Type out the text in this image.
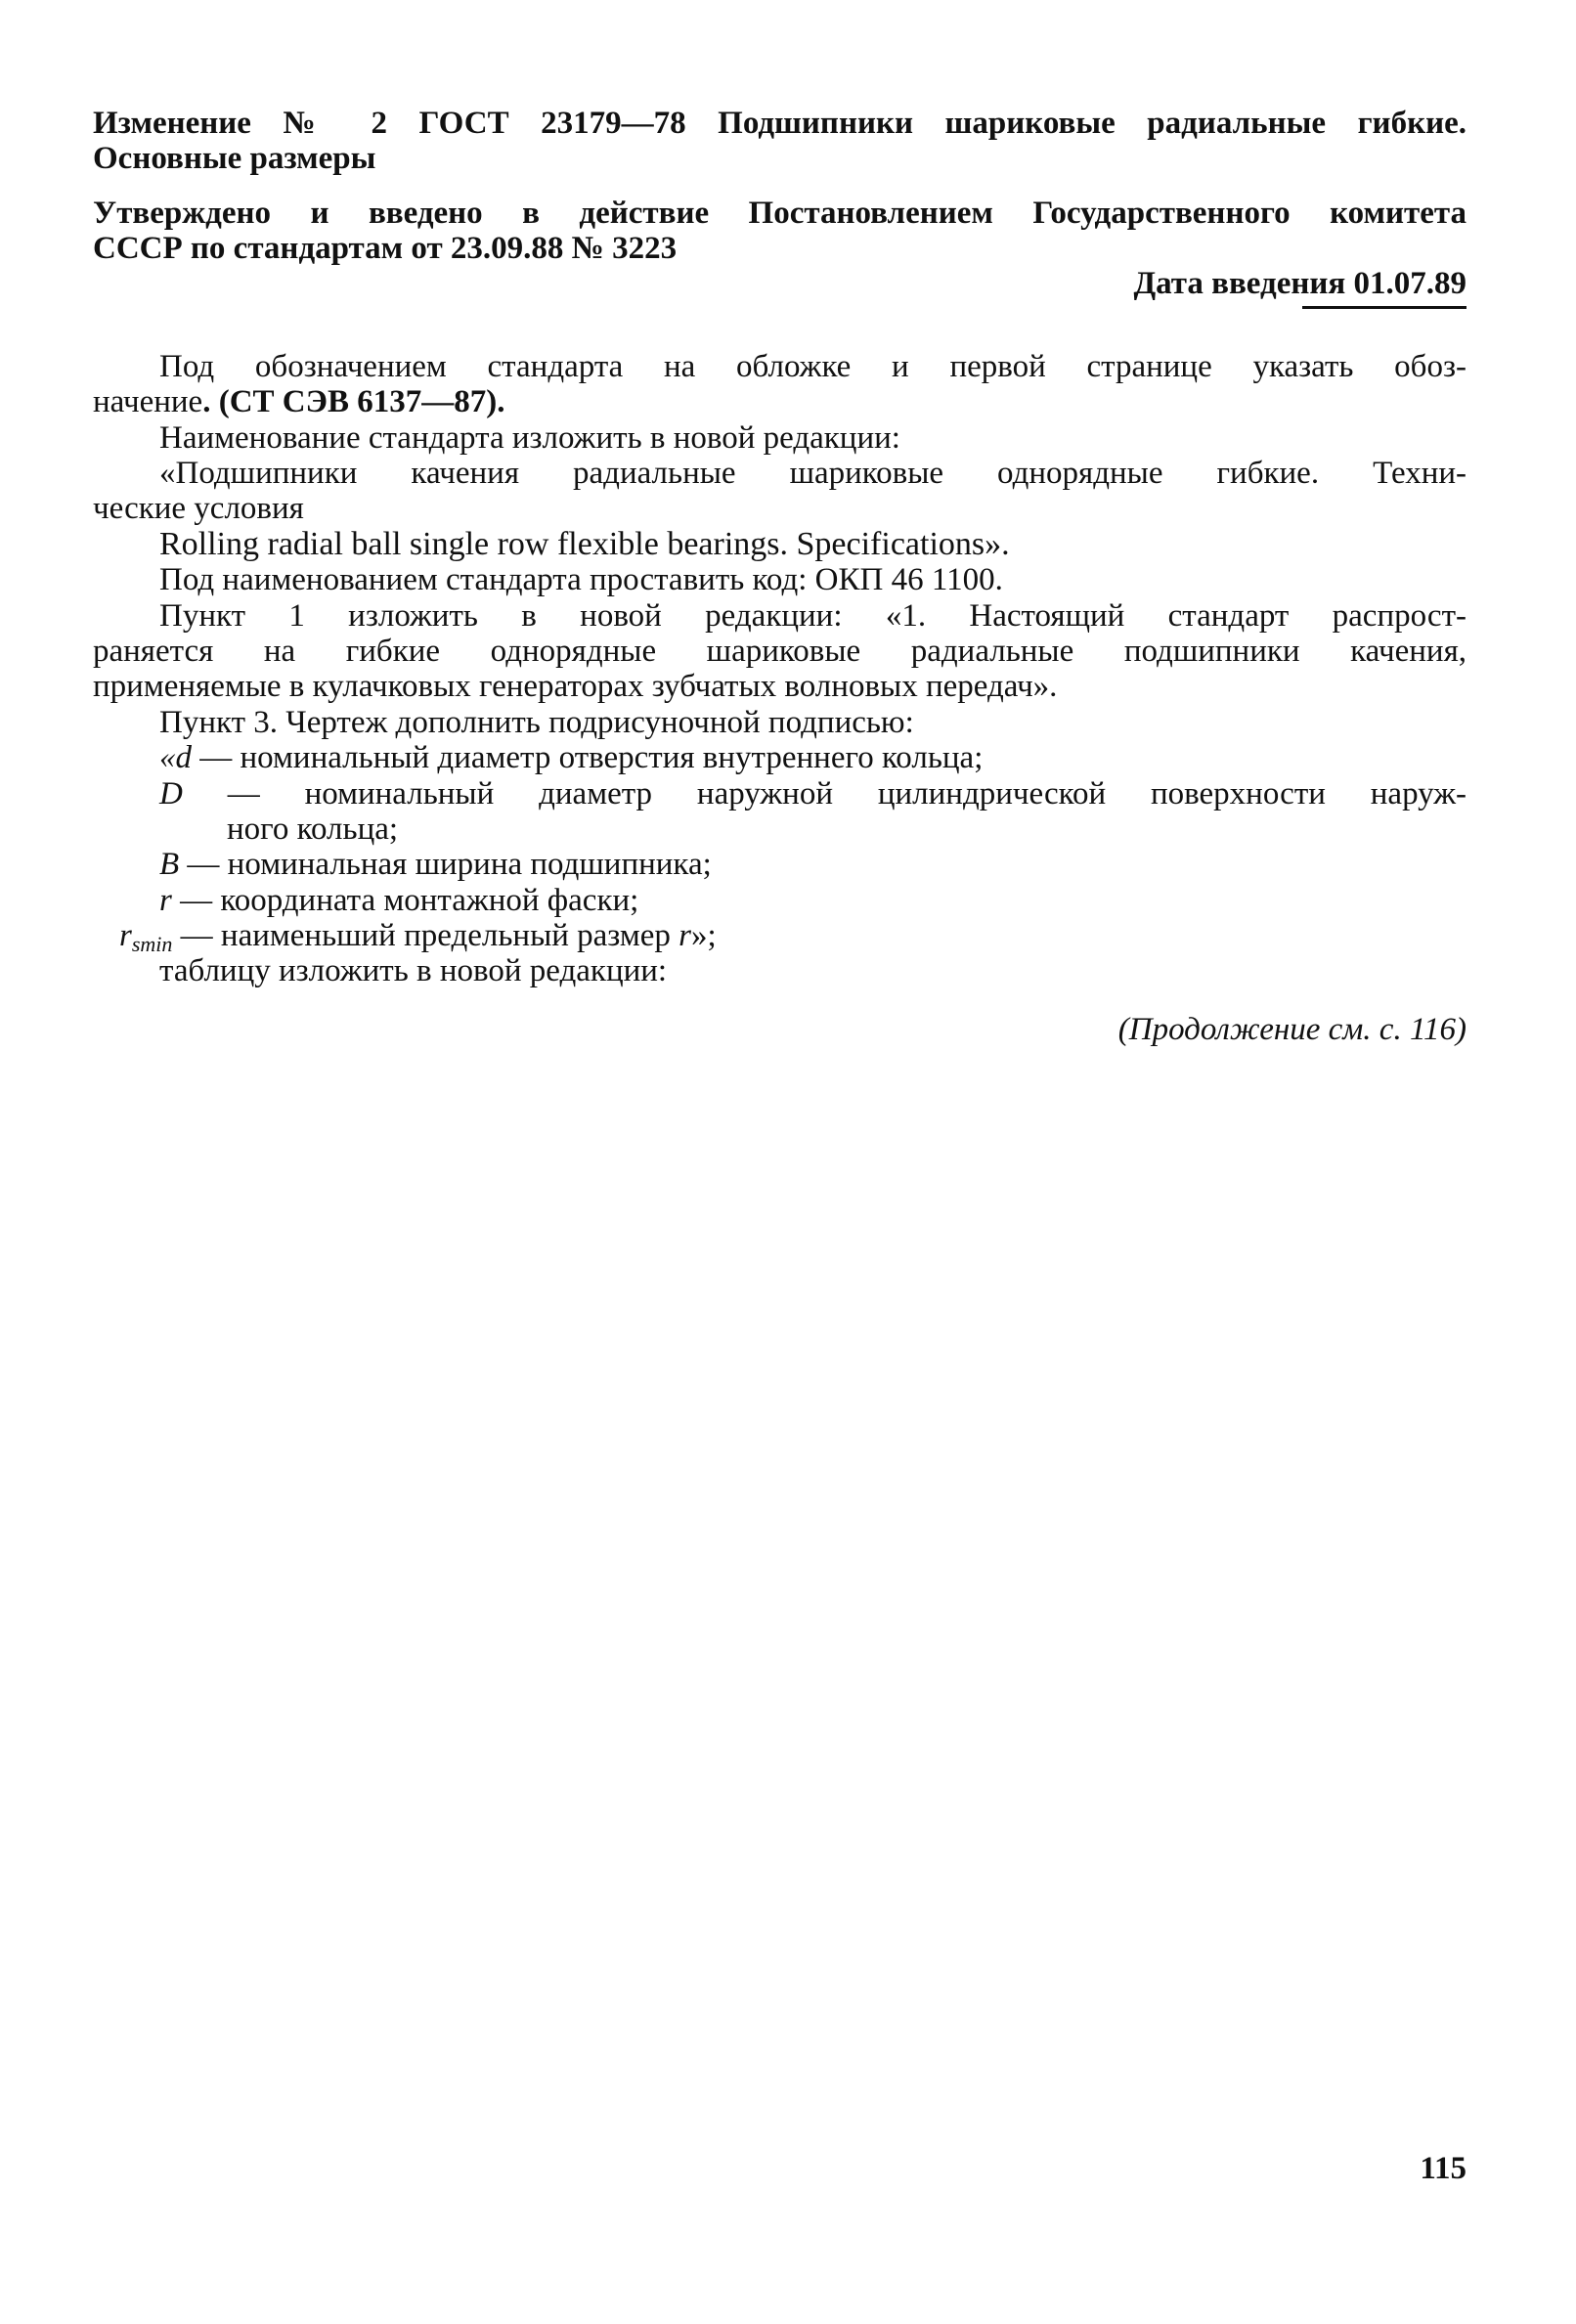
Изменение № 2 ГОСТ 23179—78 Подшипники шариковые радиальные гибкие.
Основные размеры
Утверждено и введено в действие Постановлением Государственного комитета
СССР по стандартам от 23.09.88 № 3223
Дата введения 01.07.89
Под обозначением стандарта на обложке и первой странице указать обоз-
начение. (СТ СЭВ 6137—87).
Наименование стандарта изложить в новой редакции:
«Подшипники качения радиальные шариковые однорядные гибкие. Техни-
ческие условия
Rolling radial ball single row flexible bearings. Specifications».
Под наименованием стандарта проставить код: ОКП 46 1100.
Пункт 1 изложить в новой редакции: «1. Настоящий стандарт распрост-
раняется на гибкие однорядные шариковые радиальные подшипники качения,
применяемые в кулачковых генераторах зубчатых волновых передач».
Пункт 3. Чертеж дополнить подрисуночной подписью:
«d — номинальный диаметр отверстия внутреннего кольца;
D — номинальный диаметр наружной цилиндрической поверхности наруж-
ного кольца;
B — номинальная ширина подшипника;
r — координата монтажной фаски;
$r_{smin}$ — наименьший предельный размер r»;
таблицу изложить в новой редакции:
(Продолжение см. с. 116)
115
